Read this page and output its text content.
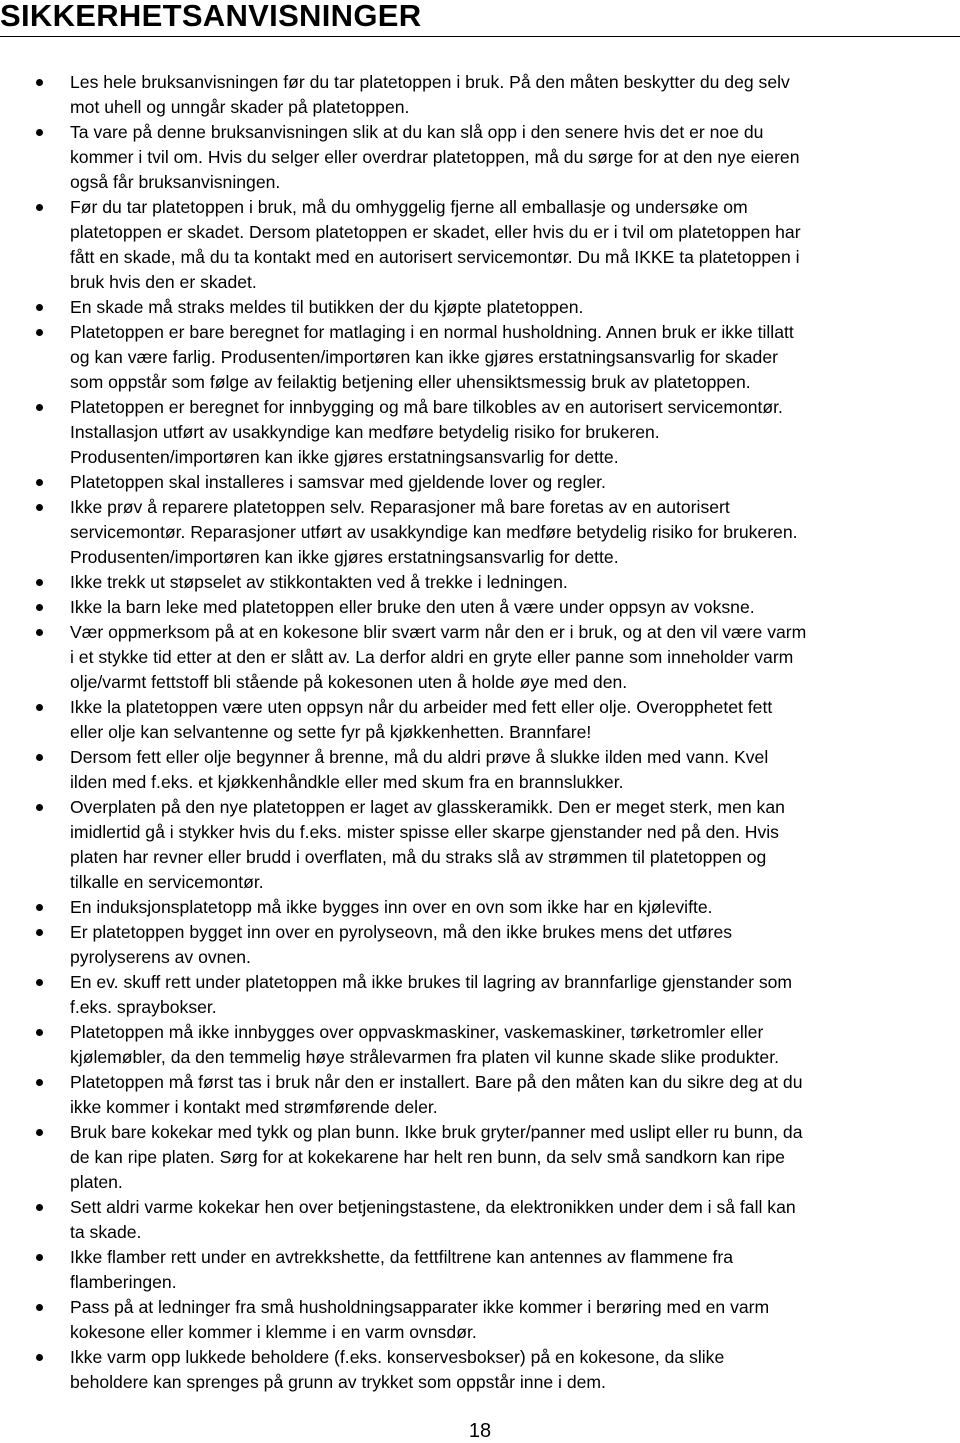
SIKKERHETSANVISNINGER
Les hele bruksanvisningen før du tar platetoppen i bruk. På den måten beskytter du deg selv
mot uhell og unngår skader på platetoppen.
Ta vare på denne bruksanvisningen slik at du kan slå opp i den senere hvis det er noe du
kommer i tvil om. Hvis du selger eller overdrar platetoppen, må du sørge for at den nye eieren
også får bruksanvisningen.
Før du tar platetoppen i bruk, må du omhyggelig fjerne all emballasje og undersøke om
platetoppen er skadet. Dersom platetoppen er skadet, eller hvis du er i tvil om platetoppen har
fått en skade, må du ta kontakt med en autorisert servicemontør. Du må IKKE ta platetoppen i
bruk hvis den er skadet.
En skade må straks meldes til butikken der du kjøpte platetoppen.
Platetoppen er bare beregnet for matlaging i en normal husholdning. Annen bruk er ikke tillatt
og kan være farlig. Produsenten/importøren kan ikke gjøres erstatningsansvarlig for skader
som oppstår som følge av feilaktig betjening eller uhensiktsmessig bruk av platetoppen.
Platetoppen er beregnet for innbygging og må bare tilkobles av en autorisert servicemontør.
Installasjon utført av usakkyndige kan medføre betydelig risiko for brukeren.
Produsenten/importøren kan ikke gjøres erstatningsansvarlig for dette.
Platetoppen skal installeres i samsvar med gjeldende lover og regler.
Ikke prøv å reparere platetoppen selv. Reparasjoner må bare foretas av en autorisert
servicemontør. Reparasjoner utført av usakkyndige kan medføre betydelig risiko for brukeren.
Produsenten/importøren kan ikke gjøres erstatningsansvarlig for dette.
Ikke trekk ut støpselet av stikkontakten ved å trekke i ledningen.
Ikke la barn leke med platetoppen eller bruke den uten å være under oppsyn av voksne.
Vær oppmerksom på at en kokesone blir svært varm når den er i bruk, og at den vil være varm
i et stykke tid etter at den er slått av. La derfor aldri en gryte eller panne som inneholder varm
olje/varmt fettstoff bli stående på kokesonen uten å holde øye med den.
Ikke la platetoppen være uten oppsyn når du arbeider med fett eller olje. Overopphetet fett
eller olje kan selvantenne og sette fyr på kjøkkenhetten. Brannfare!
Dersom fett eller olje begynner å brenne, må du aldri prøve å slukke ilden med vann. Kvel
ilden med f.eks. et kjøkkenhåndkle eller med skum fra en brannslukker.
Overplaten på den nye platetoppen er laget av glasskeramikk. Den er meget sterk, men kan
imidlertid gå i stykker hvis du f.eks. mister spisse eller skarpe gjenstander ned på den. Hvis
platen har revner eller brudd i overflaten, må du straks slå av strømmen til platetoppen og
tilkalle en servicemontør.
En induksjonsplatetopp må ikke bygges inn over en ovn som ikke har en kjølevifte.
Er platetoppen bygget inn over en pyrolyseovn, må den ikke brukes mens det utføres
pyrolyserens av ovnen.
En ev. skuff rett under platetoppen må ikke brukes til lagring av brannfarlige gjenstander som
f.eks. spraybokser.
Platetoppen må ikke innbygges over oppvaskmaskiner, vaskemaskiner, tørketromler eller
kjølemøbler, da den temmelig høye strålevarmen fra platen vil kunne skade slike produkter.
Platetoppen må først tas i bruk når den er installert. Bare på den måten kan du sikre deg at du
ikke kommer i kontakt med strømførende deler.
Bruk bare kokekar med tykk og plan bunn. Ikke bruk gryter/panner med uslipt eller ru bunn, da
de kan ripe platen. Sørg for at kokekarene har helt ren bunn, da selv små sandkorn kan ripe
platen.
Sett aldri varme kokekar hen over betjeningstastene, da elektronikken under dem i så fall kan
ta skade.
Ikke flamber rett under en avtrekkshette, da fettfiltrene kan antennes av flammene fra
flamberingen.
Pass på at ledninger fra små husholdningsapparater ikke kommer i berøring med en varm
kokesone eller kommer i klemme i en varm ovnsdør.
Ikke varm opp lukkede beholdere (f.eks. konservesbokser) på en kokesone, da slike
beholdere kan sprenges på grunn av trykket som oppstår inne i dem.
18
